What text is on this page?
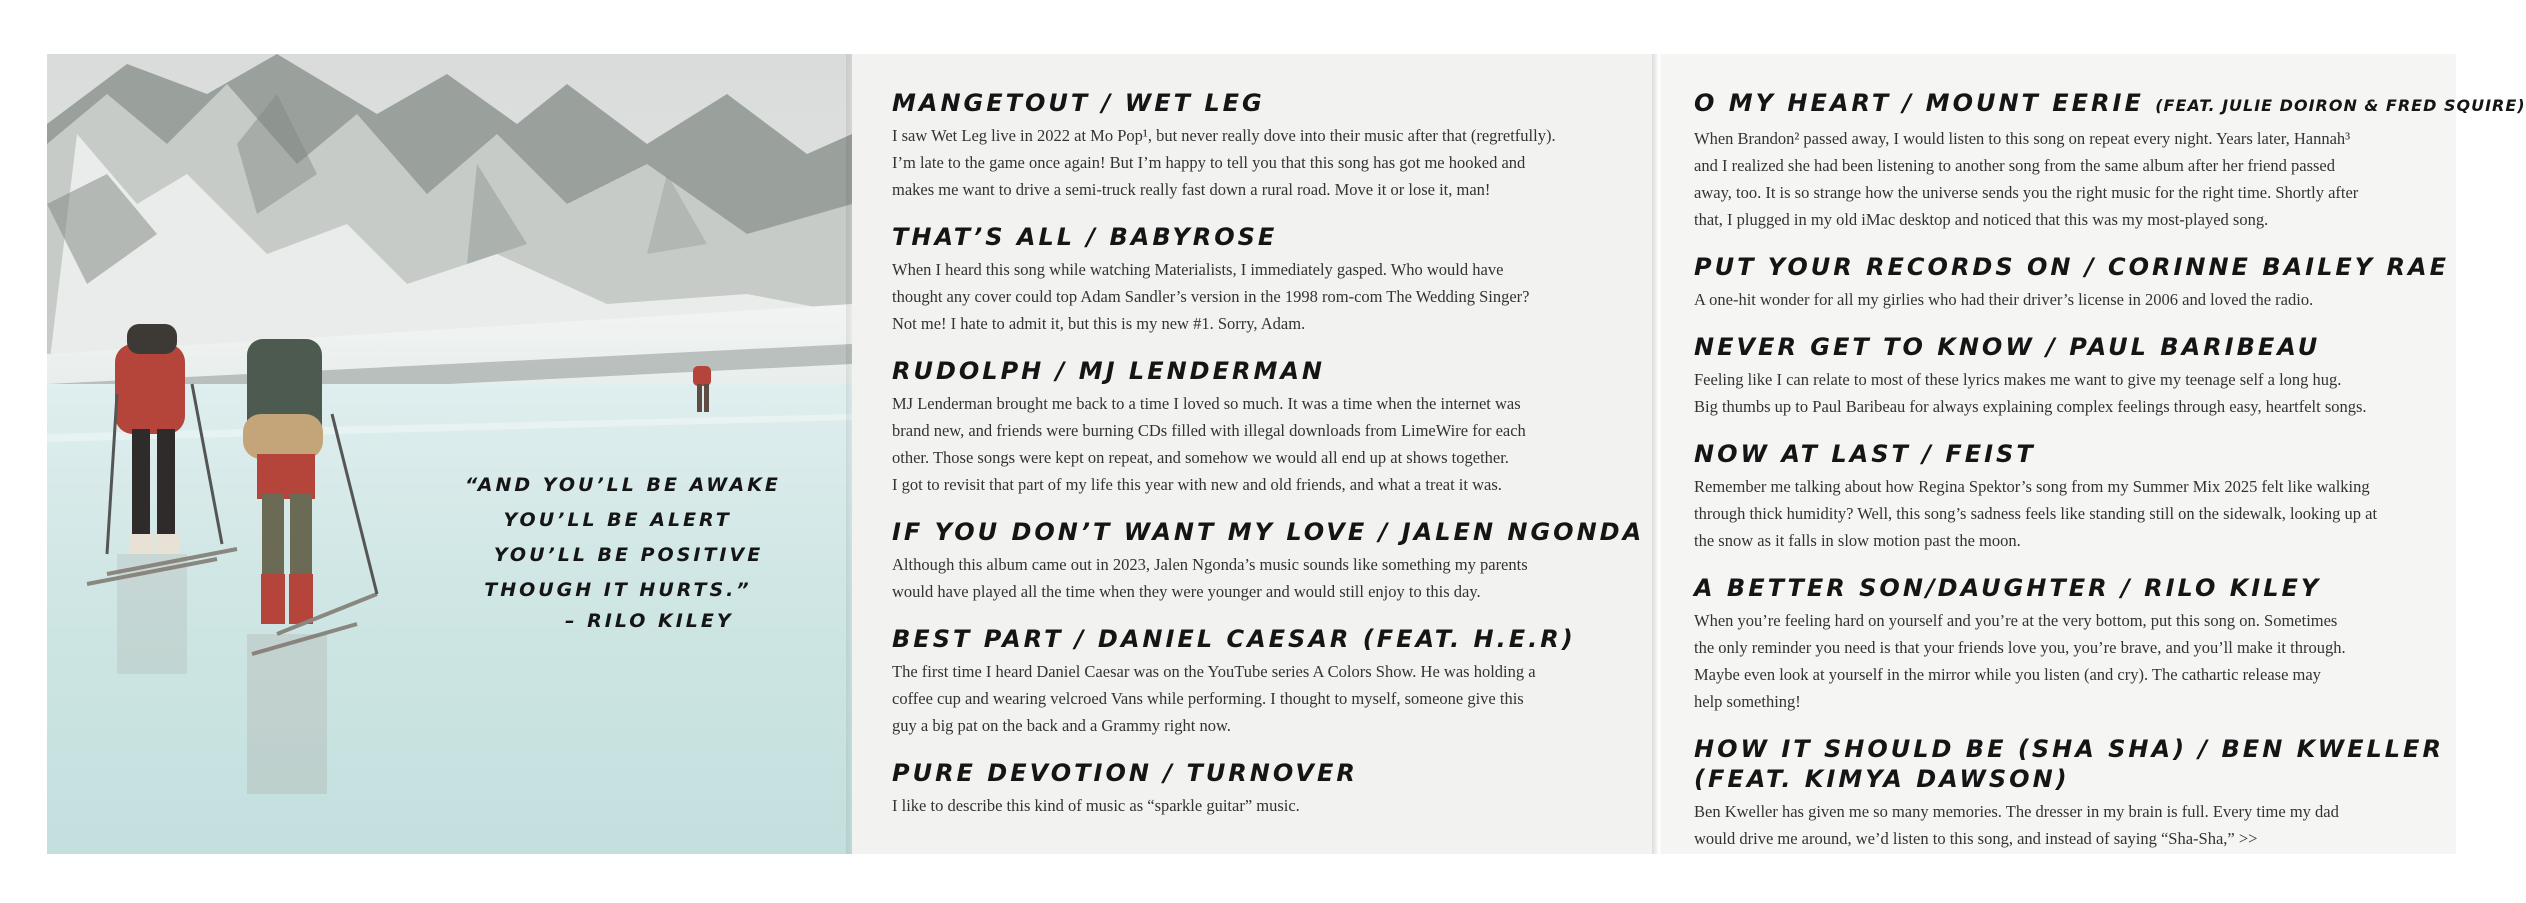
“AND YOU’LL BE AWAKE
YOU’LL BE ALERT
YOU’LL BE POSITIVE
THOUGH IT HURTS.”
– RILO KILEY
MANGETOUT / WET LEG
I saw Wet Leg live in 2022 at Mo Pop¹, but never really dove into their music after that (regretfully).
I’m late to the game once again! But I’m happy to tell you that this song has got me hooked and
makes me want to drive a semi-truck really fast down a rural road. Move it or lose it, man!
THAT’S ALL / BABYROSE
When I heard this song while watching Materialists, I immediately gasped. Who would have
thought any cover could top Adam Sandler’s version in the 1998 rom-com The Wedding Singer?
Not me! I hate to admit it, but this is my new #1. Sorry, Adam.
RUDOLPH / MJ LENDERMAN
MJ Lenderman brought me back to a time I loved so much. It was a time when the internet was
brand new, and friends were burning CDs filled with illegal downloads from LimeWire for each
other. Those songs were kept on repeat, and somehow we would all end up at shows together.
I got to revisit that part of my life this year with new and old friends, and what a treat it was.
IF YOU DON’T WANT MY LOVE / JALEN NGONDA
Although this album came out in 2023, Jalen Ngonda’s music sounds like something my parents
would have played all the time when they were younger and would still enjoy to this day.
BEST PART / DANIEL CAESAR (FEAT. H.E.R)
The first time I heard Daniel Caesar was on the YouTube series A Colors Show. He was holding a
coffee cup and wearing velcroed Vans while performing. I thought to myself, someone give this
guy a big pat on the back and a Grammy right now.
PURE DEVOTION / TURNOVER
I like to describe this kind of music as “sparkle guitar” music.
O MY HEART / MOUNT EERIE (FEAT. JULIE DOIRON & FRED SQUIRE)
When Brandon² passed away, I would listen to this song on repeat every night. Years later, Hannah³
and I realized she had been listening to another song from the same album after her friend passed
away, too. It is so strange how the universe sends you the right music for the right time. Shortly after
that, I plugged in my old iMac desktop and noticed that this was my most-played song.
PUT YOUR RECORDS ON / CORINNE BAILEY RAE
A one-hit wonder for all my girlies who had their driver’s license in 2006 and loved the radio.
NEVER GET TO KNOW / PAUL BARIBEAU
Feeling like I can relate to most of these lyrics makes me want to give my teenage self a long hug.
Big thumbs up to Paul Baribeau for always explaining complex feelings through easy, heartfelt songs.
NOW AT LAST / FEIST
Remember me talking about how Regina Spektor’s song from my Summer Mix 2025 felt like walking
through thick humidity? Well, this song’s sadness feels like standing still on the sidewalk, looking up at
the snow as it falls in slow motion past the moon.
A BETTER SON/DAUGHTER / RILO KILEY
When you’re feeling hard on yourself and you’re at the very bottom, put this song on. Sometimes
the only reminder you need is that your friends love you, you’re brave, and you’ll make it through.
Maybe even look at yourself in the mirror while you listen (and cry). The cathartic release may
help something!
HOW IT SHOULD BE (SHA SHA) / BEN KWELLER
(FEAT. KIMYA DAWSON)
Ben Kweller has given me so many memories. The dresser in my brain is full. Every time my dad
would drive me around, we’d listen to this song, and instead of saying “Sha-Sha,” >>
